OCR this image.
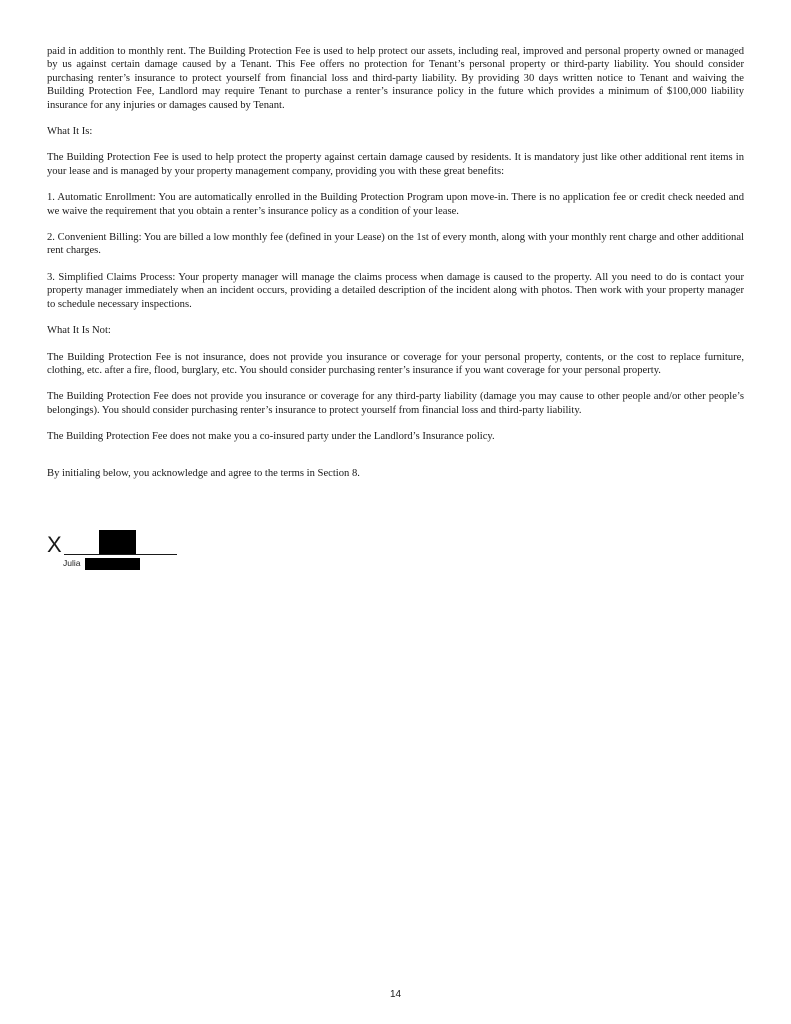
paid in addition to monthly rent. The Building Protection Fee is used to help protect our assets, including real, improved and personal property owned or managed by us against certain damage caused by a Tenant. This Fee offers no protection for Tenant’s personal property or third-party liability. You should consider purchasing renter’s insurance to protect yourself from financial loss and third-party liability. By providing 30 days written notice to Tenant and waiving the Building Protection Fee, Landlord may require Tenant to purchase a renter’s insurance policy in the future which provides a minimum of $100,000 liability insurance for any injuries or damages caused by Tenant.

What It Is:

The Building Protection Fee is used to help protect the property against certain damage caused by residents. It is mandatory just like other additional rent items in your lease and is managed by your property management company, providing you with these great benefits:

1. Automatic Enrollment: You are automatically enrolled in the Building Protection Program upon move-in. There is no application fee or credit check needed and we waive the requirement that you obtain a renter’s insurance policy as a condition of your lease.

2. Convenient Billing: You are billed a low monthly fee (defined in your Lease) on the 1st of every month, along with your monthly rent charge and other additional rent charges.

3. Simplified Claims Process: Your property manager will manage the claims process when damage is caused to the property. All you need to do is contact your property manager immediately when an incident occurs, providing a detailed description of the incident along with photos. Then work with your property manager to schedule necessary inspections.

What It Is Not:

The Building Protection Fee is not insurance, does not provide you insurance or coverage for your personal property, contents, or the cost to replace furniture, clothing, etc. after a fire, flood, burglary, etc. You should consider purchasing renter’s insurance if you want coverage for your personal property.

The Building Protection Fee does not provide you insurance or coverage for any third-party liability (damage you may cause to other people and/or other people’s belongings). You should consider purchasing renter’s insurance to protect yourself from financial loss and third-party liability.

The Building Protection Fee does not make you a co-insured party under the Landlord’s Insurance policy.

By initialing below, you acknowledge and agree to the terms in Section 8.

X
Julia
14
